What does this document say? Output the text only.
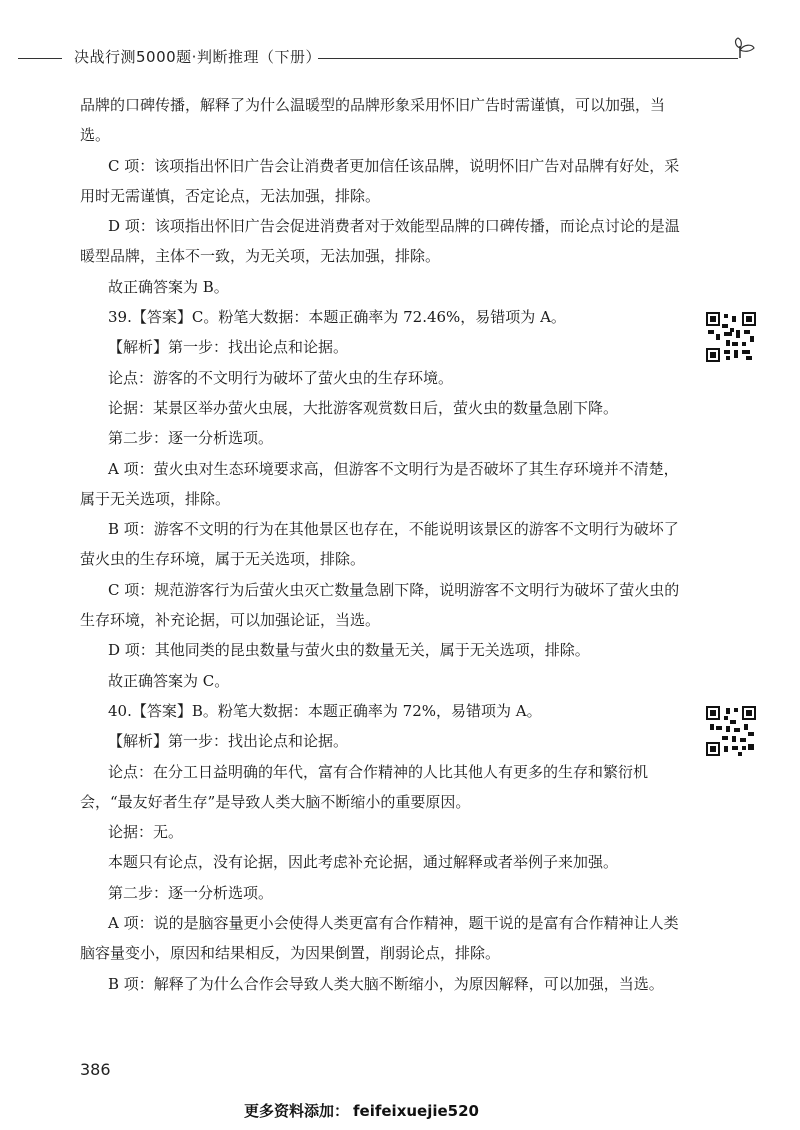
决战行测5000题·判断推理（下册）

品牌的口碑传播，解释了为什么温暖型的品牌形象采用怀旧广告时需谨慎，可以加强，当选。

C 项：该项指出怀旧广告会让消费者更加信任该品牌，说明怀旧广告对品牌有好处，采用时无需谨慎，否定论点，无法加强，排除。

D 项：该项指出怀旧广告会促进消费者对于效能型品牌的口碑传播，而论点讨论的是温暖型品牌，主体不一致，为无关项，无法加强，排除。

故正确答案为 B。

39.【答案】C。粉笔大数据：本题正确率为 72.46%，易错项为 A。

【解析】第一步：找出论点和论据。

论点：游客的不文明行为破坏了萤火虫的生存环境。

论据：某景区举办萤火虫展，大批游客观赏数日后，萤火虫的数量急剧下降。

第二步：逐一分析选项。

A 项：萤火虫对生态环境要求高，但游客不文明行为是否破坏了其生存环境并不清楚，属于无关选项，排除。

B 项：游客不文明的行为在其他景区也存在，不能说明该景区的游客不文明行为破坏了萤火虫的生存环境，属于无关选项，排除。

C 项：规范游客行为后萤火虫灭亡数量急剧下降，说明游客不文明行为破坏了萤火虫的生存环境，补充论据，可以加强论证，当选。

D 项：其他同类的昆虫数量与萤火虫的数量无关，属于无关选项，排除。

故正确答案为 C。

40.【答案】B。粉笔大数据：本题正确率为 72%，易错项为 A。

【解析】第一步：找出论点和论据。

论点：在分工日益明确的年代，富有合作精神的人比其他人有更多的生存和繁衍机会，“最友好者生存”是导致人类大脑不断缩小的重要原因。

论据：无。

本题只有论点，没有论据，因此考虑补充论据，通过解释或者举例子来加强。

第二步：逐一分析选项。

A 项：说的是脑容量更小会使得人类更富有合作精神，题干说的是富有合作精神让人类脑容量变小，原因和结果相反，为因果倒置，削弱论点，排除。

B 项：解释了为什么合作会导致人类大脑不断缩小，为原因解释，可以加强，当选。

386
更多资料添加： feifeixuejie520
